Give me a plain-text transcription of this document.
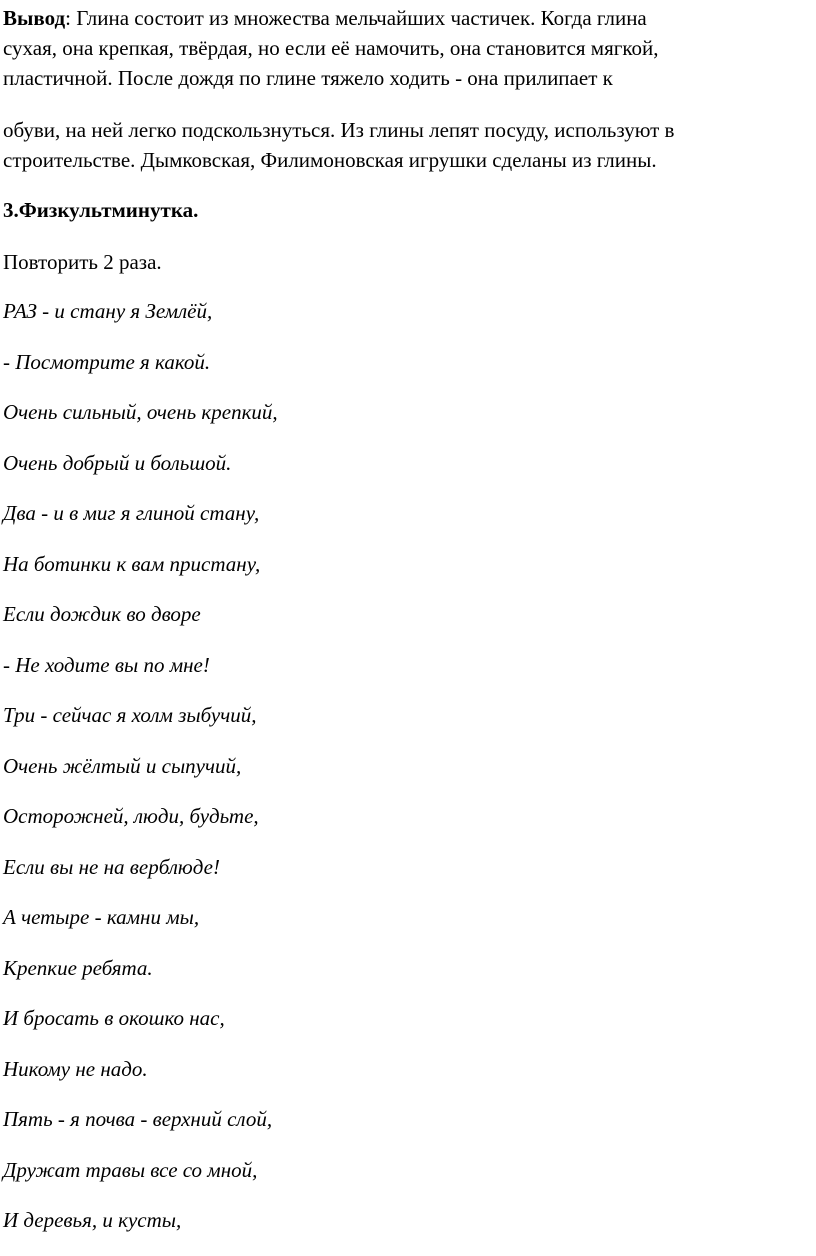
Вывод: Глина состоит из множества мельчайших частичек. Когда глина
сухая, она крепкая, твёрдая, но если её намочить, она становится мягкой,
пластичной. После дождя по глине тяжело ходить - она прилипает к

обуви, на ней легко подскользнуться. Из глины лепят посуду, используют в
строительстве. Дымковская, Филимоновская игрушки сделаны из глины.

3.Физкультминутка.

Повторить 2 раза.

РАЗ - и стану я Землёй,
- Посмотрите я какой.
Очень сильный, очень крепкий,
Очень добрый и большой.
Два - и в миг я глиной стану,
На ботинки к вам пристану,
Если дождик во дворе
- Не ходите вы по мне!
Три - сейчас я холм зыбучий,
Очень жёлтый и сыпучий,
Осторожней, люди, будьте,
Если вы не на верблюде!
А четыре - камни мы,
Крепкие ребята.
И бросать в окошко нас,
Никому не надо.
Пять - я почва - верхний слой,
Дружат травы все со мной,
И деревья, и кусты,
